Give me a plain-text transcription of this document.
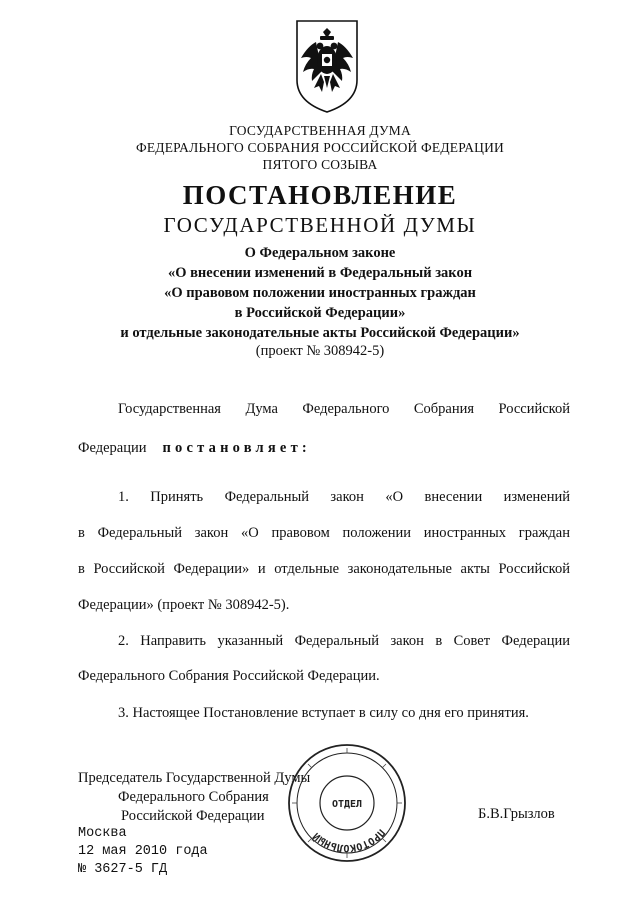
ГОСУДАРСТВЕННАЯ ДУМА
ФЕДЕРАЛЬНОГО СОБРАНИЯ РОССИЙСКОЙ ФЕДЕРАЦИИ
ПЯТОГО СОЗЫВА
ПОСТАНОВЛЕНИЕ
ГОСУДАРСТВЕННОЙ ДУМЫ
О Федеральном законе
«О внесении изменений в Федеральный закон
«О правовом положении иностранных граждан
в Российской Федерации»
и отдельные законодательные акты Российской Федерации»
(проект № 308942-5)
Государственная Дума Федерального Собрания Российской
Федерации постановляет:
1. Принять Федеральный закон «О внесении изменений
в Федеральный закон «О правовом положении иностранных граждан
в Российской Федерации» и отдельные законодательные акты Российской
Федерации» (проект № 308942-5).
2. Направить указанный Федеральный закон в Совет Федерации
Федерального Собрания Российской Федерации.
3. Настоящее Постановление вступает в силу со дня его принятия.
Председатель Государственной Думы
Федерального Собрания
Российской Федерации	Б.В.Грызлов
ПРОТОКОЛЬНЫЙ
ОТДЕЛ
Москва
12 мая 2010 года
№ 3627-5 ГД
